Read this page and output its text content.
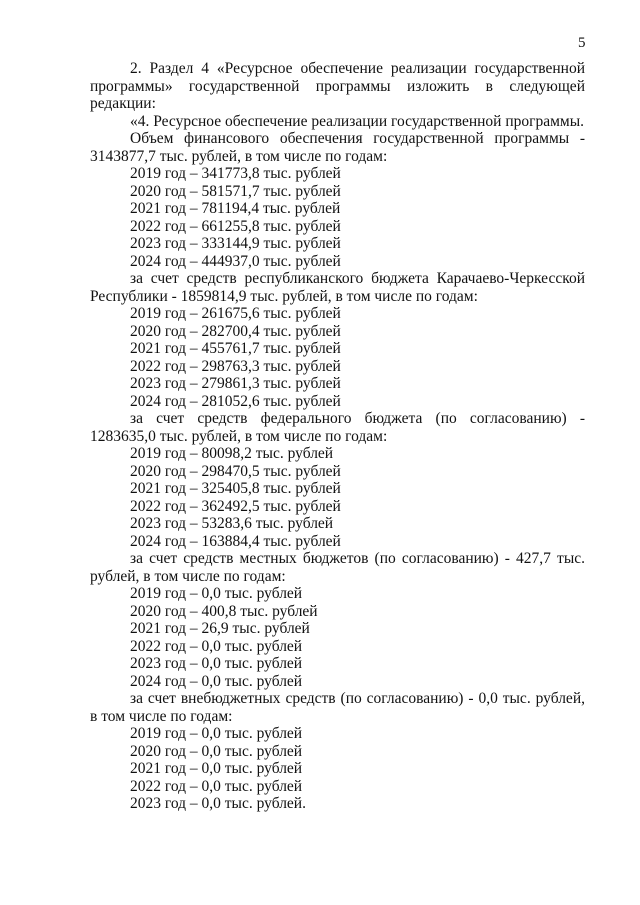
5

2. Раздел 4 «Ресурсное обеспечение реализации государственной программы» государственной программы изложить в следующей редакции:

«4. Ресурсное обеспечение реализации государственной программы.

Объем финансового обеспечения государственной программы - 3143877,7 тыс. рублей, в том числе по годам:

2019 год – 341773,8 тыс. рублей

2020 год – 581571,7 тыс. рублей

2021 год – 781194,4 тыс. рублей

2022 год – 661255,8 тыс. рублей

2023 год – 333144,9 тыс. рублей

2024 год – 444937,0 тыс. рублей

за счет средств республиканского бюджета Карачаево-Черкесской Республики - 1859814,9 тыс. рублей, в том числе по годам:

2019 год – 261675,6 тыс. рублей

2020 год – 282700,4 тыс. рублей

2021 год – 455761,7 тыс. рублей

2022 год – 298763,3 тыс. рублей

2023 год – 279861,3 тыс. рублей

2024 год – 281052,6 тыс. рублей

за счет средств федерального бюджета (по согласованию) - 1283635,0 тыс. рублей, в том числе по годам:

2019 год – 80098,2 тыс. рублей

2020 год – 298470,5 тыс. рублей

2021 год – 325405,8 тыс. рублей

2022 год – 362492,5 тыс. рублей

2023 год – 53283,6 тыс. рублей

2024 год – 163884,4 тыс. рублей

за счет средств местных бюджетов (по согласованию) - 427,7 тыс. рублей, в том числе по годам:

2019 год – 0,0 тыс. рублей

2020 год – 400,8 тыс. рублей

2021 год – 26,9 тыс. рублей

2022 год – 0,0 тыс. рублей

2023 год – 0,0 тыс. рублей

2024 год – 0,0 тыс. рублей

за счет внебюджетных средств (по согласованию) - 0,0 тыс. рублей, в том числе по годам:

2019 год – 0,0 тыс. рублей

2020 год – 0,0 тыс. рублей

2021 год – 0,0 тыс. рублей

2022 год – 0,0 тыс. рублей

2023 год – 0,0 тыс. рублей.
